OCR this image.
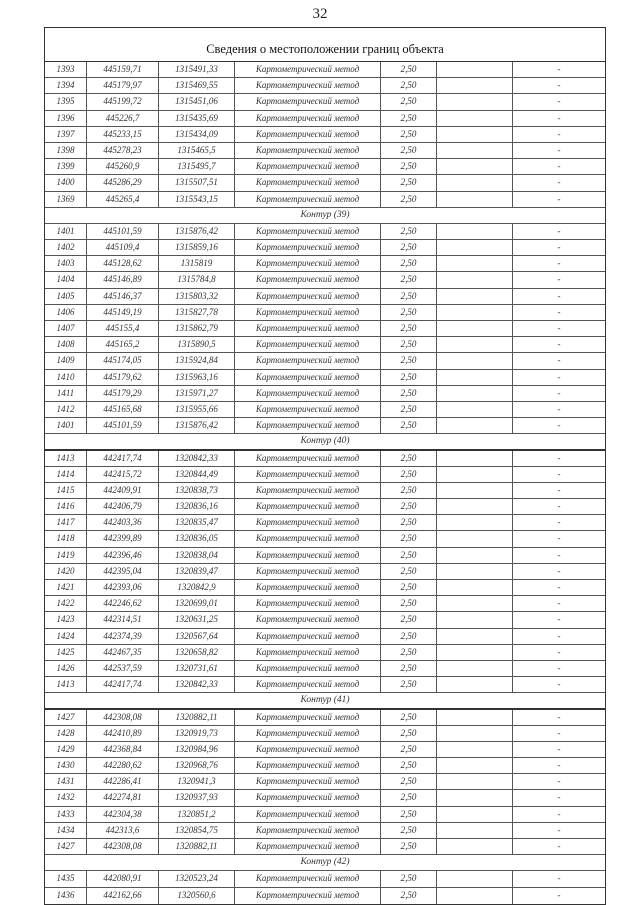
32
Сведения о местоположении границ объекта
1393	445159,71	1315491,33	Картометрический метод	2,50	-
1394	445179,97	1315469,55	Картометрический метод	2,50	-
1395	445199,72	1315451,06	Картометрический метод	2,50	-
1396	445226,7	1315435,69	Картометрический метод	2,50	-
1397	445233,15	1315434,09	Картометрический метод	2,50	-
1398	445278,23	1315465,5	Картометрический метод	2,50	-
1399	445260,9	1315495,7	Картометрический метод	2,50	-
1400	445286,29	1315507,51	Картометрический метод	2,50	-
1369	445265,4	1315543,15	Картометрический метод	2,50	-
Контур (39)
1401	445101,59	1315876,42	Картометрический метод	2,50	-
1402	445109,4	1315859,16	Картометрический метод	2,50	-
1403	445128,62	1315819	Картометрический метод	2,50	-
1404	445146,89	1315784,8	Картометрический метод	2,50	-
1405	445146,37	1315803,32	Картометрический метод	2,50	-
1406	445149,19	1315827,78	Картометрический метод	2,50	-
1407	445155,4	1315862,79	Картометрический метод	2,50	-
1408	445165,2	1315890,5	Картометрический метод	2,50	-
1409	445174,05	1315924,84	Картометрический метод	2,50	-
1410	445179,62	1315963,16	Картометрический метод	2,50	-
1411	445179,29	1315971,27	Картометрический метод	2,50	-
1412	445165,68	1315955,66	Картометрический метод	2,50	-
1401	445101,59	1315876,42	Картометрический метод	2,50	-
Контур (40)
1413	442417,74	1320842,33	Картометрический метод	2,50	-
1414	442415,72	1320844,49	Картометрический метод	2,50	-
1415	442409,91	1320838,73	Картометрический метод	2,50	-
1416	442406,79	1320836,16	Картометрический метод	2,50	-
1417	442403,36	1320835,47	Картометрический метод	2,50	-
1418	442399,89	1320836,05	Картометрический метод	2,50	-
1419	442396,46	1320838,04	Картометрический метод	2,50	-
1420	442395,04	1320839,47	Картометрический метод	2,50	-
1421	442393,06	1320842,9	Картометрический метод	2,50	-
1422	442246,62	1320699,01	Картометрический метод	2,50	-
1423	442314,51	1320631,25	Картометрический метод	2,50	-
1424	442374,39	1320567,64	Картометрический метод	2,50	-
1425	442467,35	1320658,82	Картометрический метод	2,50	-
1426	442537,59	1320731,61	Картометрический метод	2,50	-
1413	442417,74	1320842,33	Картометрический метод	2,50	-
Контур (41)
1427	442308,08	1320882,11	Картометрический метод	2,50	-
1428	442410,89	1320919,73	Картометрический метод	2,50	-
1429	442368,84	1320984,96	Картометрический метод	2,50	-
1430	442280,62	1320968,76	Картометрический метод	2,50	-
1431	442286,41	1320941,3	Картометрический метод	2,50	-
1432	442274,81	1320937,93	Картометрический метод	2,50	-
1433	442304,38	1320851,2	Картометрический метод	2,50	-
1434	442313,6	1320854,75	Картометрический метод	2,50	-
1427	442308,08	1320882,11	Картометрический метод	2,50	-
Контур (42)
1435	442080,91	1320523,24	Картометрический метод	2,50	-
1436	442162,66	1320560,6	Картометрический метод	2,50	-
